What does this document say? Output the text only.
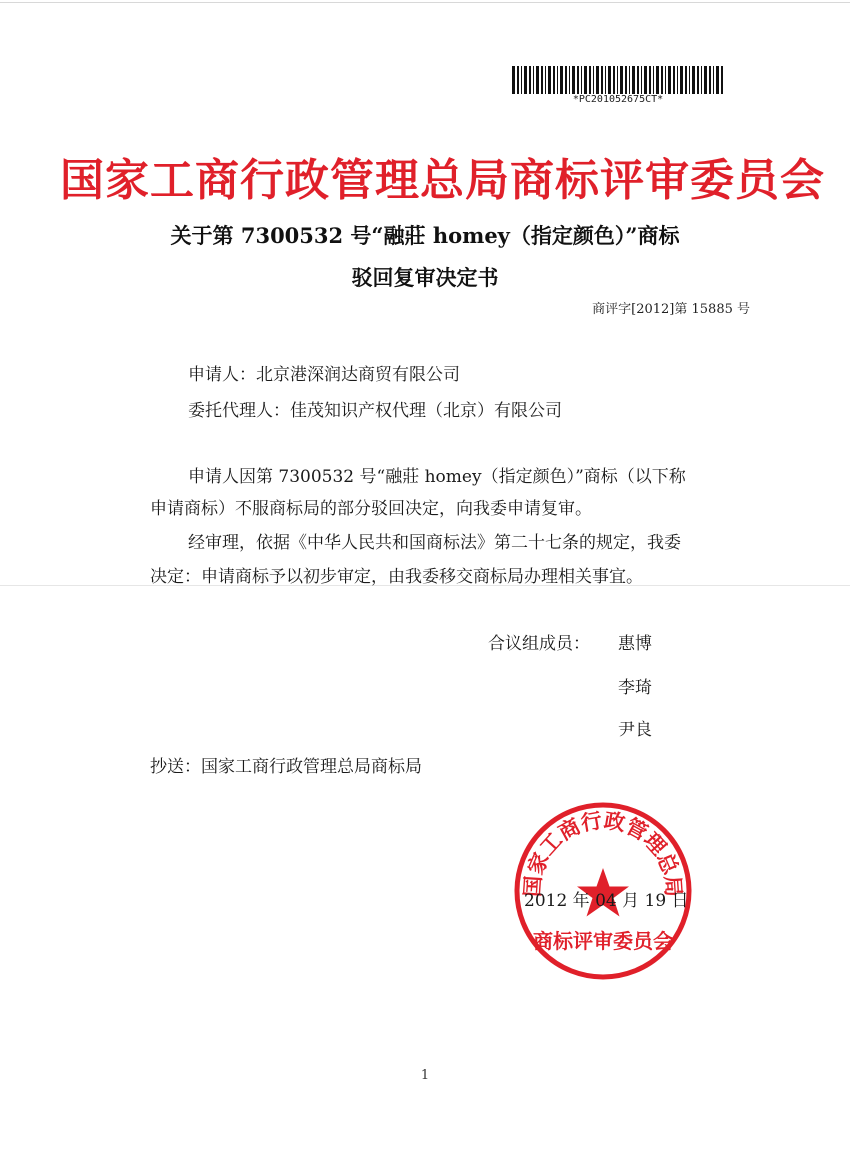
*PC201052675CT*
国家工商行政管理总局商标评审委员会
关于第 7300532 号“融莊 homey（指定颜色）”商标
驳回复审决定书
商评字[2012]第 15885 号
申请人：北京港深润达商贸有限公司
委托代理人：佳茂知识产权代理（北京）有限公司
申请人因第 7300532 号“融莊 homey（指定颜色）”商标（以下称
申请商标）不服商标局的部分驳回决定，向我委申请复审。
经审理，依据《中华人民共和国商标法》第二十七条的规定，我委
决定：申请商标予以初步审定，由我委移交商标局办理相关事宜。
合议组成员： 惠博
李琦
尹良
抄送：国家工商行政管理总局商标局
国家工商行政管理总局
商标评审委员会
2012 年 04 月 19 日
1
